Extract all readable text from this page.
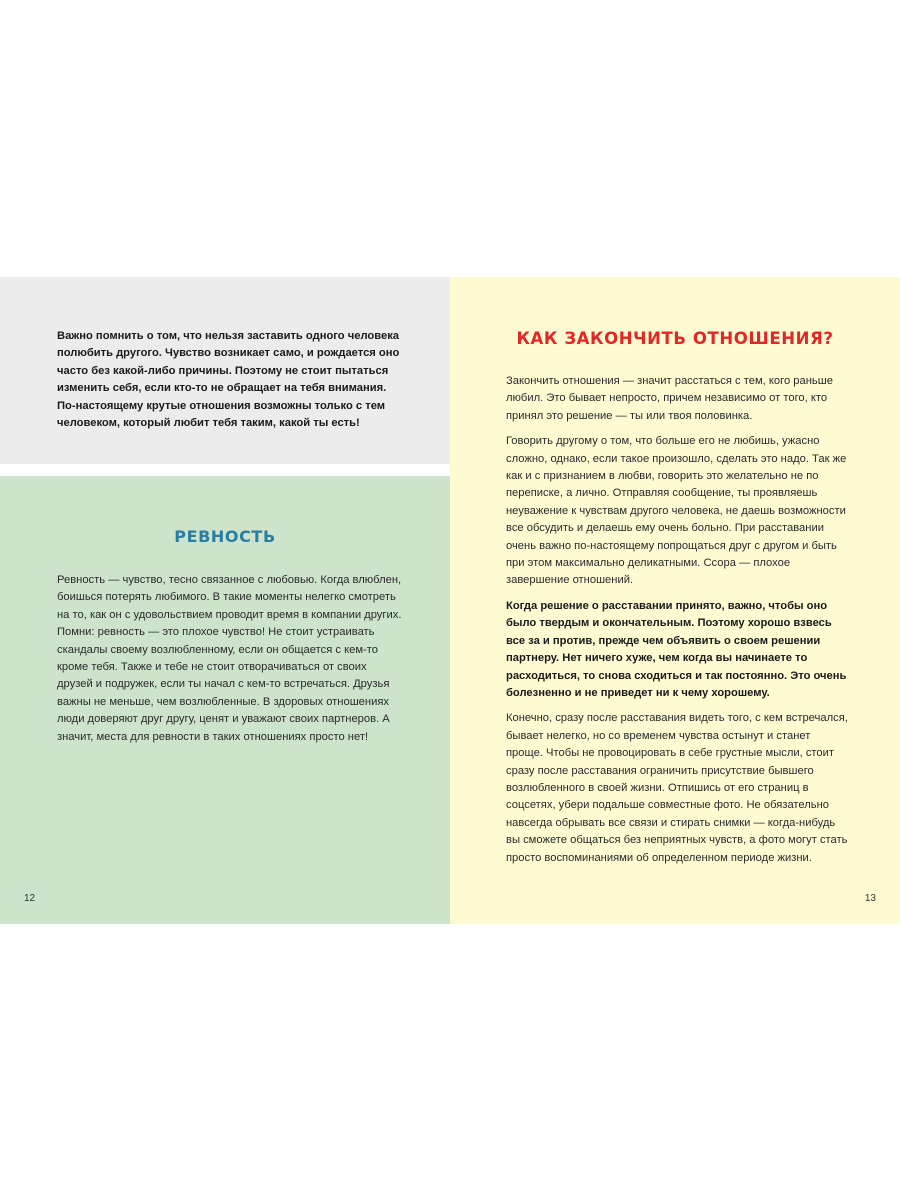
Важно помнить о том, что нельзя заставить одного человека полюбить другого. Чувство возникает само, и рождается оно часто без какой-либо причины. Поэтому не стоит пытаться изменить себя, если кто-то не обращает на тебя внимания. По-настоящему крутые отношения возможны только с тем человеком, который любит тебя таким, какой ты есть!

РЕВНОСТЬ

Ревность — чувство, тесно связанное с любовью. Когда влюблен, боишься потерять любимого. В такие моменты нелегко смотреть на то, как он с удовольствием проводит время в компании других. Помни: ревность — это плохое чувство! Не стоит устраивать скандалы своему возлюбленному, если он общается с кем-то кроме тебя. Также и тебе не стоит отворачиваться от своих друзей и подружек, если ты начал с кем-то встречаться. Друзья важны не меньше, чем возлюбленные. В здоровых отношениях люди доверяют друг другу, ценят и уважают своих партнеров. А значит, места для ревности в таких отношениях просто нет!

12

КАК ЗАКОНЧИТЬ ОТНОШЕНИЯ?

Закончить отношения — значит расстаться с тем, кого раньше любил. Это бывает непросто, причем независимо от того, кто принял это решение — ты или твоя половинка.

Говорить другому о том, что больше его не любишь, ужасно сложно, однако, если такое произошло, сделать это надо. Так же как и с признанием в любви, говорить это желательно не по переписке, а лично. Отправляя сообщение, ты проявляешь неуважение к чувствам другого человека, не даешь возможности все обсудить и делаешь ему очень больно. При расставании очень важно по-настоящему попрощаться друг с другом и быть при этом максимально деликатными. Ссора — плохое завершение отношений.

Когда решение о расставании принято, важно, чтобы оно было твердым и окончательным. Поэтому хорошо взвесь все за и против, прежде чем объявить о своем решении партнеру. Нет ничего хуже, чем когда вы начинаете то расходиться, то снова сходиться и так постоянно. Это очень болезненно и не приведет ни к чему хорошему.

Конечно, сразу после расставания видеть того, с кем встречался, бывает нелегко, но со временем чувства остынут и станет проще. Чтобы не провоцировать в себе грустные мысли, стоит сразу после расставания ограничить присутствие бывшего возлюбленного в своей жизни. Отпишись от его страниц в соцсетях, убери подальше совместные фото. Не обязательно навсегда обрывать все связи и стирать снимки — когда-нибудь вы сможете общаться без неприятных чувств, а фото могут стать просто воспоминаниями об определенном периоде жизни.

13
